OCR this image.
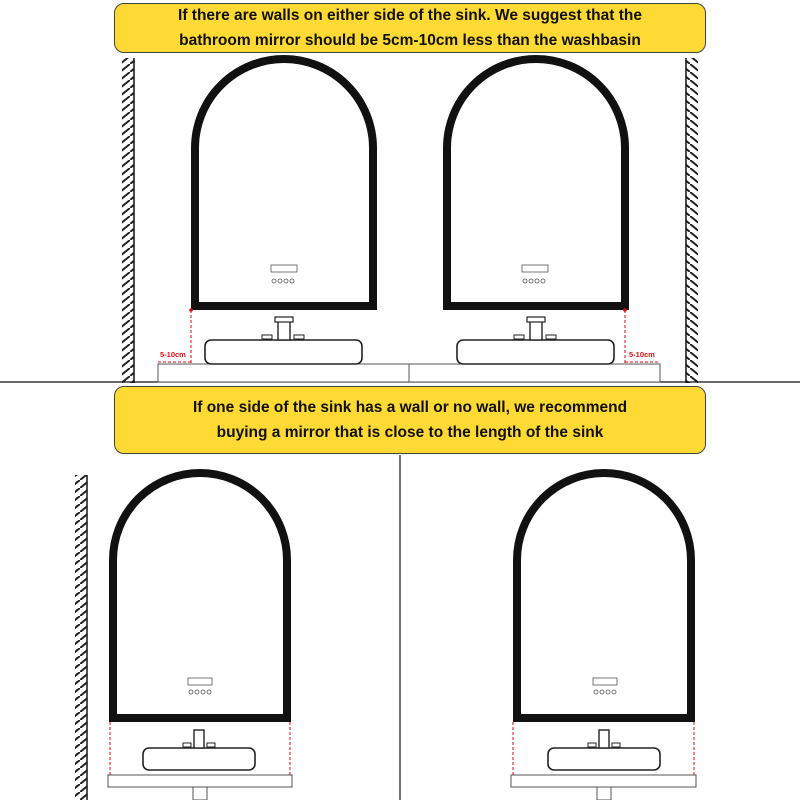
If there are walls on either side of the sink. We suggest that the
bathroom mirror should be 5cm-10cm less than the washbasin
If one side of the sink has a wall or no wall, we recommend
buying a mirror that is close to the length of the sink
5-10cm	5-10cm
